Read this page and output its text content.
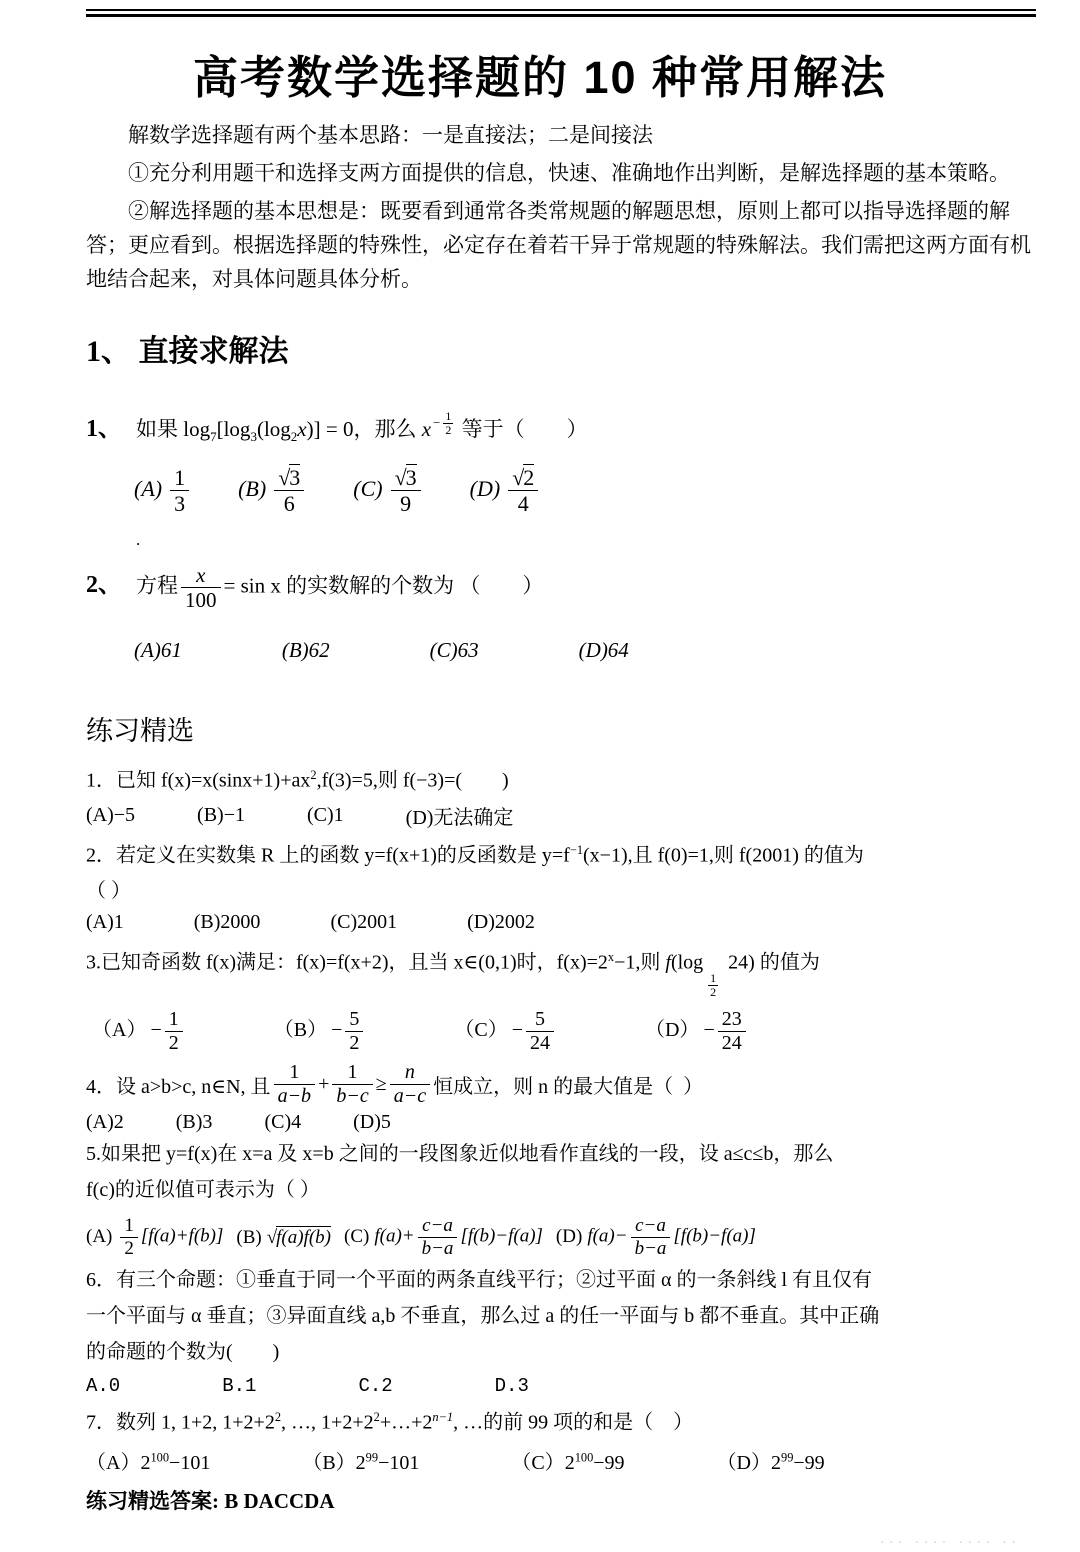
高考数学选择题的 10 种常用解法

解数学选择题有两个基本思路：一是直接法；二是间接法

①充分利用题干和选择支两方面提供的信息，快速、准确地作出判断，是解选择题的基本策略。

②解选择题的基本思想是：既要看到通常各类常规题的解题思想，原则上都可以指导选择题的解答；更应看到。根据选择题的特殊性，必定存在着若干异于常规题的特殊解法。我们需把这两方面有机地结合起来，对具体问题具体分析。

1、 直接求解法
1、 如果 $\log_7[\log_3(\log_2x)] = 0$，那么 $x - \frac{1}{2}$ 等于（　　）
$(A) \frac{1}{3} (B) \frac{√3}{6} (C) \frac{√3}{9} (D) \frac{√2}{4}$
.
2、 方程 $\frac{x}{100} = \sin x$ 的实数解的个数为 （　　）
(A)61	(B)62	(C)63	(D)64
练习精选

1．已知 $f(x)=x(\sin x+1)+ax^2,f(3)=5$,则 f(−3)=(　　)

(A)−5	(B)−1	(C)1	(D)无法确定

2．若定义在实数集 R 上的函数 y=f(x+1)的反函数是 $y=f^{-1}(x-1)$,且 f(0)=1,则 f(2001) 的值为

（ ）

(A)1	(B)2000	(C)2001	(D)2002

3.已知奇函数 f(x)满足：f(x)=f(x+2)，且当 x∈(0,1)时，$f(x)=2^x-1$,则 f(log
$\frac{1}{2}$
24) 的值为

$(A) - \frac{1}{2}$	$(B) - \frac{5}{2}$	$(C) - \frac{5}{24}$	$(D) - \frac{23}{24}$
4．设 a>b>c, n∈N, 且 $\frac{1}{a-b} + \frac{1}{b-c} \ge \frac{n}{a-c}$ 恒成立，则 n 的最大值是（  ）
(A)2	(B)3	(C)4	(D)5

5.如果把 y=f(x)在 x=a 及 x=b 之间的一段图象近似地看作直线的一段，设 a≤c≤b，那么

f(c)的近似值可表示为（ ）

$(A) \frac{1}{2} [f(a)+f(b)]$ (B) √f(a)f(b) (C) $f(a)+ \frac{c-a}{b-a} [f(b)-f(a)]$ (D) $f(a)- \frac{c-a}{b-a} [f(b)-f(a)]$

6．有三个命题：①垂直于同一个平面的两条直线平行；②过平面 α 的一条斜线 l 有且仅有

一个平面与 α 垂直；③异面直线 a,b 不垂直，那么过 a 的任一平面与 b 都不垂直。其中正确

的命题的个数为(　　)

A.0	B.1	C.2	D.3

7．数列 1, 1+2, $1+2+2^2$, …, $1+2+2^2+\dots+2^{n-1}$, …的前 99 项的和是（　）

$(A)2^{100}-101$	$(B)2^{99}-101$	$(C)2^{100}-99$	$(D)2^{99}-99$

练习精选答案: B DACCDA

··· ···· ···· ··
